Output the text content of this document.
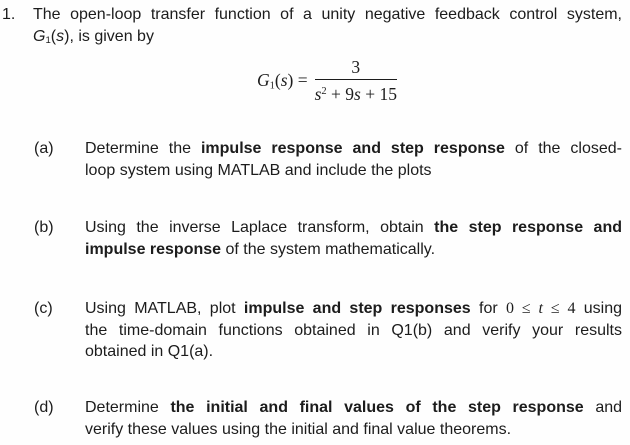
1. The open-loop transfer function of a unity negative feedback control system,
G1(s), is given by
$G1(s) = \frac{3}{s^2 + 9s + 15}$
(a) Determine the impulse response and step response of the closed-
loop system using MATLAB and include the plots
(b) Using the inverse Laplace transform, obtain the step response and
impulse response of the system mathematically.
(c) Using MATLAB, plot impulse and step responses for 0 ≤ t ≤ 4 using
the time-domain functions obtained in Q1(b) and verify your results
obtained in Q1(a).
(d) Determine the initial and final values of the step response and
verify these values using the initial and final value theorems.
